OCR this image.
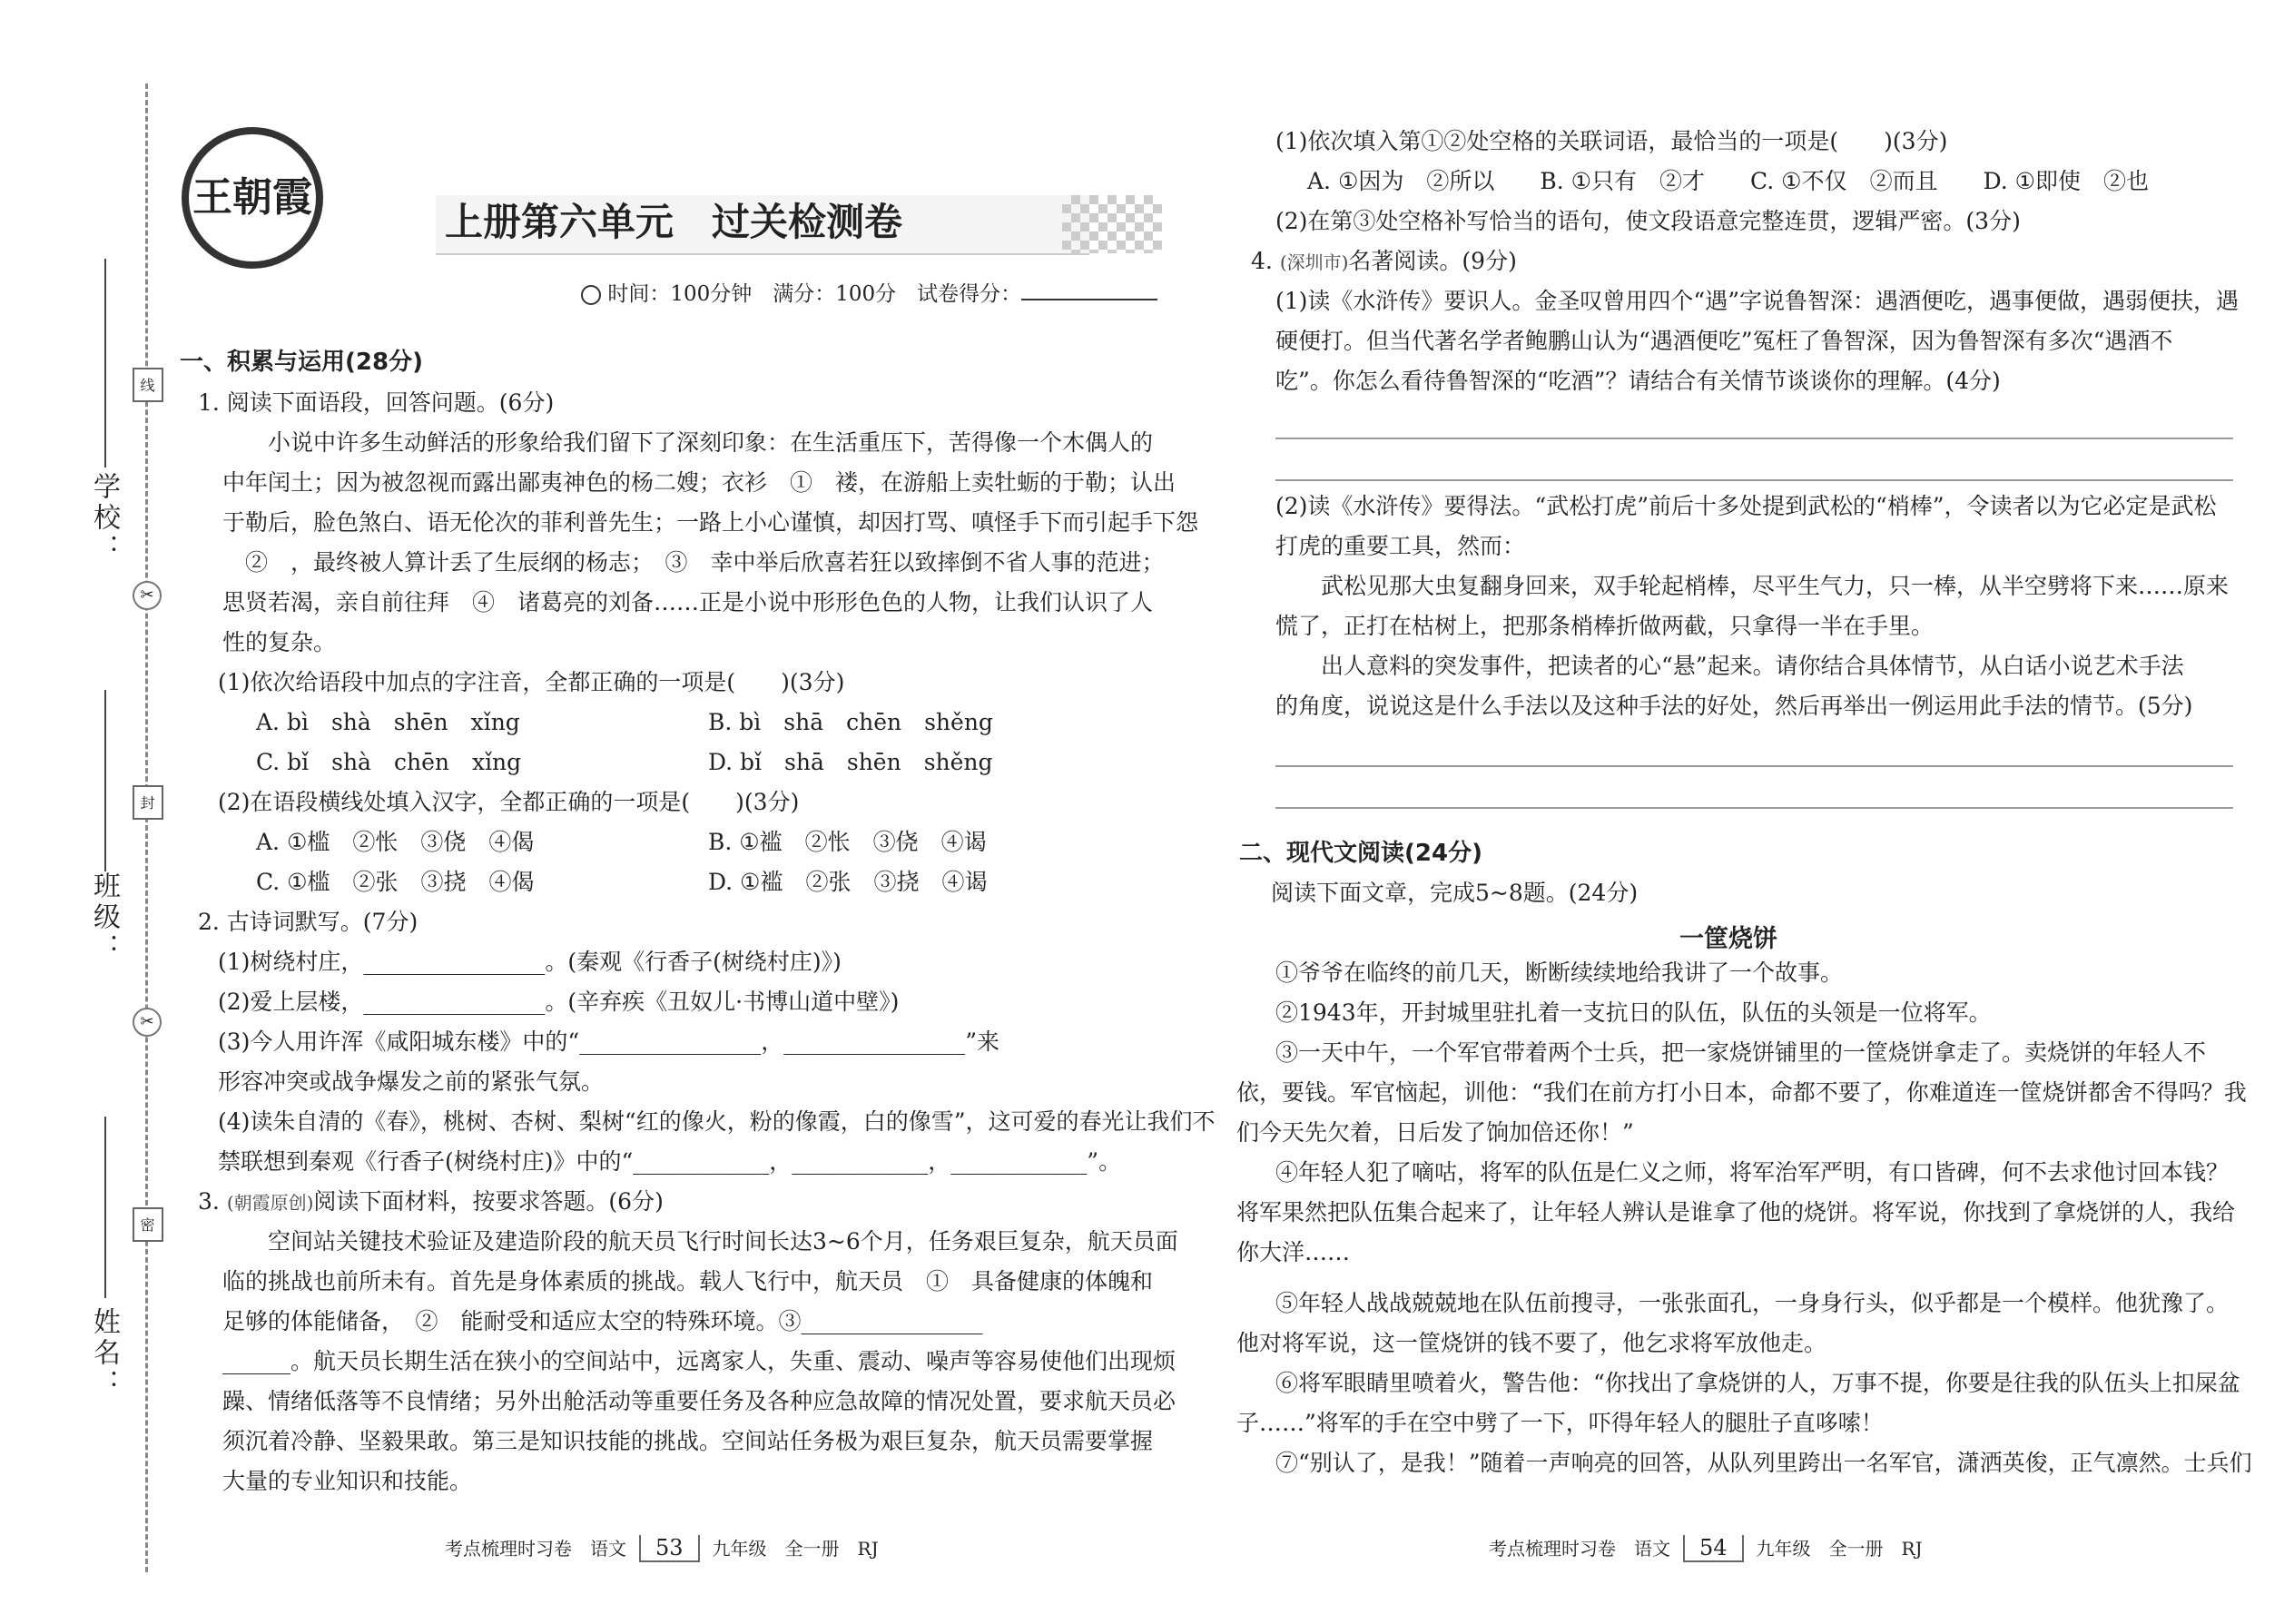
学校：
班级：
姓名：
线
封
密
✂
✂
王朝霞
上册第六单元　过关检测卷
时间：100分钟　满分：100分　试卷得分：
一、积累与运用(28分)
1. 阅读下面语段，回答问题。(6分)
小说中许多生动鲜活的形象给我们留下了深刻印象：在生活重压下，苦得像一个木偶人的
中年闰土；因为被忽视而露出鄙夷神色的杨二嫂；衣衫　①　褛，在游船上卖牡蛎的于勒；认出
于勒后，脸色煞白、语无伦次的菲利普先生；一路上小心谨慎，却因打骂、嗔怪手下而引起手下怨
　②　，最终被人算计丢了生辰纲的杨志；　③　幸中举后欣喜若狂以致摔倒不省人事的范进；
思贤若渴，亲自前往拜　④　诸葛亮的刘备……正是小说中形形色色的人物，让我们认识了人
性的复杂。
(1)依次给语段中加点的字注音，全都正确的一项是(　　)(3分)
A. bì　shà　shēn　xǐng	B. bì　shā　chēn　shěng
C. bǐ　shà　chēn　xǐng	D. bǐ　shā　shēn　shěng
(2)在语段横线处填入汉字，全都正确的一项是(　　)(3分)
A. ①槛　②怅　③侥　④偈	B. ①褴　②怅　③侥　④谒
C. ①槛　②张　③挠　④偈	D. ①褴　②张　③挠　④谒
2. 古诗词默写。(7分)
(1)树绕村庄，________________。(秦观《行香子(树绕村庄)》)
(2)爱上层楼，________________。(辛弃疾《丑奴儿·书博山道中壁》)
(3)今人用许浑《咸阳城东楼》中的“________________，________________”来
形容冲突或战争爆发之前的紧张气氛。
(4)读朱自清的《春》，桃树、杏树、梨树“红的像火，粉的像霞，白的像雪”，这可爱的春光让我们不
禁联想到秦观《行香子(树绕村庄)》中的“____________，____________，____________”。
3. (朝霞原创)阅读下面材料，按要求答题。(6分)
空间站关键技术验证及建造阶段的航天员飞行时间长达3~6个月，任务艰巨复杂，航天员面
临的挑战也前所未有。首先是身体素质的挑战。载人飞行中，航天员　①　具备健康的体魄和
足够的体能储备，　②　能耐受和适应太空的特殊环境。③________________
______。航天员长期生活在狭小的空间站中，远离家人，失重、震动、噪声等容易使他们出现烦
躁、情绪低落等不良情绪；另外出舱活动等重要任务及各种应急故障的情况处置，要求航天员必
须沉着冷静、坚毅果敢。第三是知识技能的挑战。空间站任务极为艰巨复杂，航天员需要掌握
大量的专业知识和技能。
考点梳理时习卷　语文 53 九年级　全一册　RJ
(1)依次填入第①②处空格的关联词语，最恰当的一项是(　　)(3分)
A. ①因为　②所以　　B. ①只有　②才　　C. ①不仅　②而且　　D. ①即使　②也
(2)在第③处空格补写恰当的语句，使文段语意完整连贯，逻辑严密。(3分)
4. (深圳市)名著阅读。(9分)
(1)读《水浒传》要识人。金圣叹曾用四个“遇”字说鲁智深：遇酒便吃，遇事便做，遇弱便扶，遇
硬便打。但当代著名学者鲍鹏山认为“遇酒便吃”冤枉了鲁智深，因为鲁智深有多次“遇酒不
吃”。你怎么看待鲁智深的“吃酒”？请结合有关情节谈谈你的理解。(4分)
(2)读《水浒传》要得法。“武松打虎”前后十多处提到武松的“梢棒”，令读者以为它必定是武松
打虎的重要工具，然而：
武松见那大虫复翻身回来，双手轮起梢棒，尽平生气力，只一棒，从半空劈将下来……原来
慌了，正打在枯树上，把那条梢棒折做两截，只拿得一半在手里。
出人意料的突发事件，把读者的心“悬”起来。请你结合具体情节，从白话小说艺术手法
的角度，说说这是什么手法以及这种手法的好处，然后再举出一例运用此手法的情节。(5分)
二、现代文阅读(24分)
阅读下面文章，完成5~8题。(24分)
一筐烧饼
①爷爷在临终的前几天，断断续续地给我讲了一个故事。
②1943年，开封城里驻扎着一支抗日的队伍，队伍的头领是一位将军。
③一天中午，一个军官带着两个士兵，把一家烧饼铺里的一筐烧饼拿走了。卖烧饼的年轻人不
依，要钱。军官恼起，训他：“我们在前方打小日本，命都不要了，你难道连一筐烧饼都舍不得吗？我
们今天先欠着，日后发了饷加倍还你！”
④年轻人犯了嘀咕，将军的队伍是仁义之师，将军治军严明，有口皆碑，何不去求他讨回本钱？
将军果然把队伍集合起来了，让年轻人辨认是谁拿了他的烧饼。将军说，你找到了拿烧饼的人，我给
你大洋……
⑤年轻人战战兢兢地在队伍前搜寻，一张张面孔，一身身行头，似乎都是一个模样。他犹豫了。
他对将军说，这一筐烧饼的钱不要了，他乞求将军放他走。
⑥将军眼睛里喷着火，警告他：“你找出了拿烧饼的人，万事不提，你要是往我的队伍头上扣屎盆
子……”将军的手在空中劈了一下，吓得年轻人的腿肚子直哆嗦！
⑦“别认了，是我！”随着一声响亮的回答，从队列里跨出一名军官，潇洒英俊，正气凛然。士兵们
考点梳理时习卷　语文 54 九年级　全一册　RJ
